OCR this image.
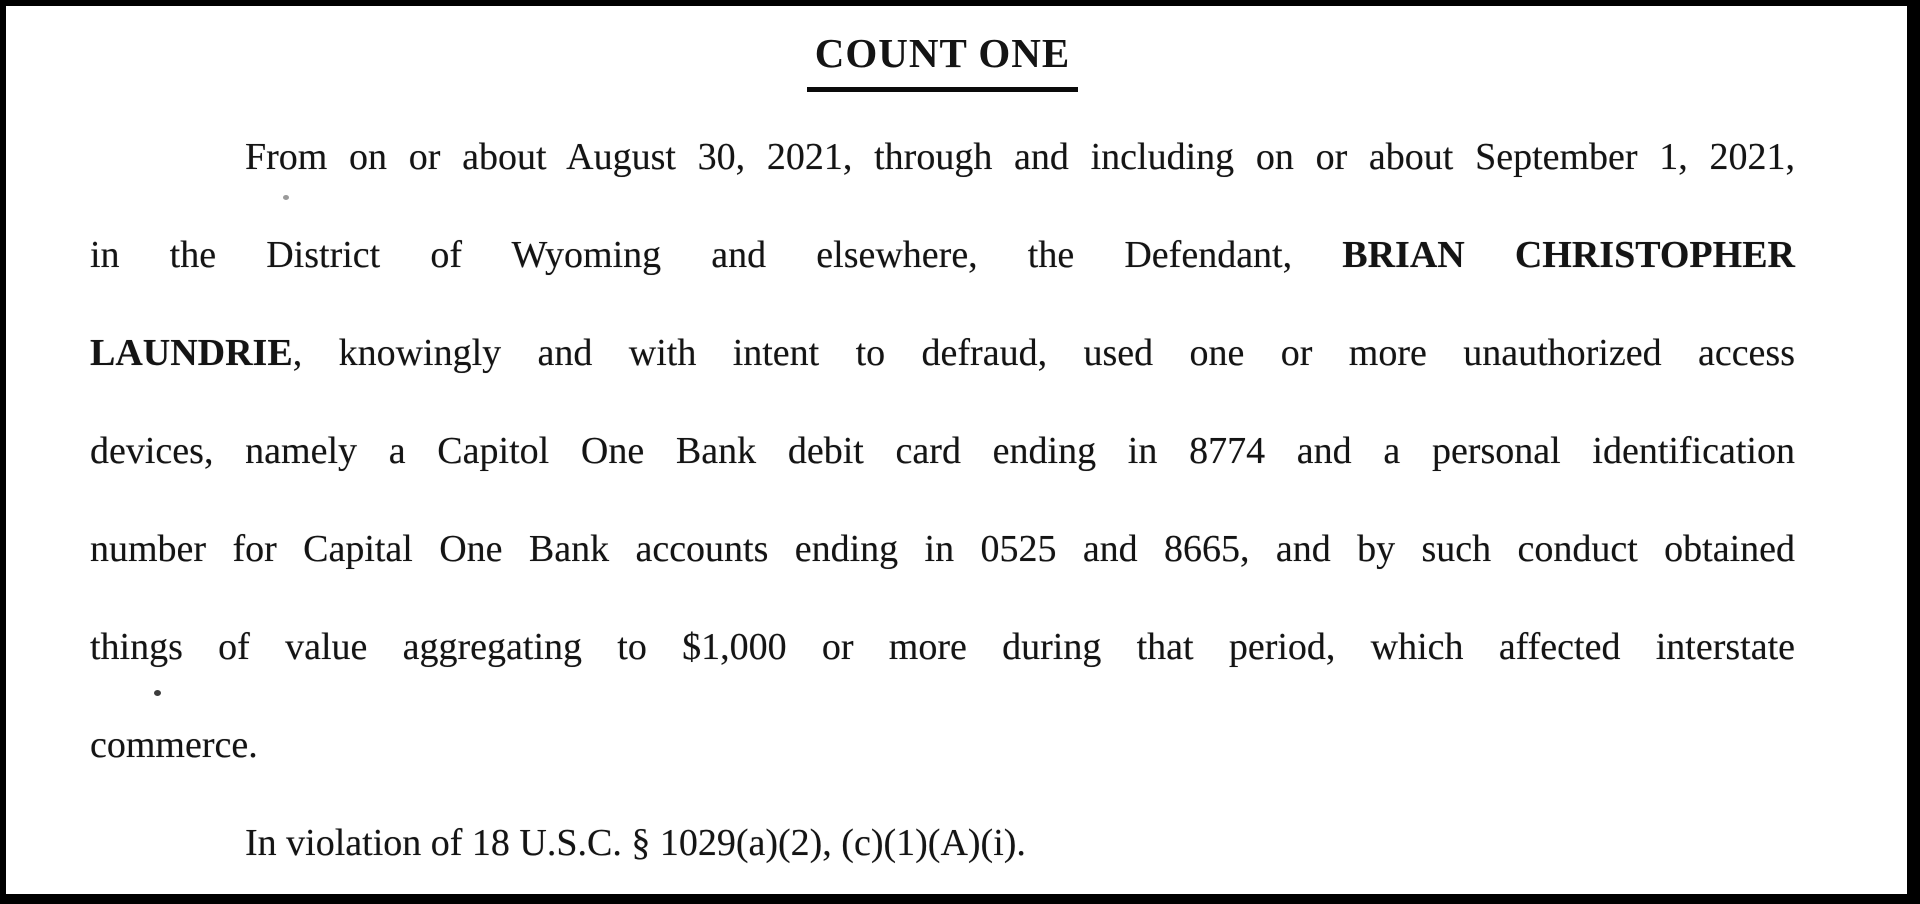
COUNT ONE
From on or about August 30, 2021, through and including on or about September 1, 2021,
in the District of Wyoming and elsewhere, the Defendant, BRIAN CHRISTOPHER
LAUNDRIE, knowingly and with intent to defraud, used one or more unauthorized access
devices, namely a Capitol One Bank debit card ending in 8774 and a personal identification
number for Capital One Bank accounts ending in 0525 and 8665, and by such conduct obtained
things of value aggregating to $1,000 or more during that period, which affected interstate
commerce.

In violation of 18 U.S.C. § 1029(a)(2), (c)(1)(A)(i).
